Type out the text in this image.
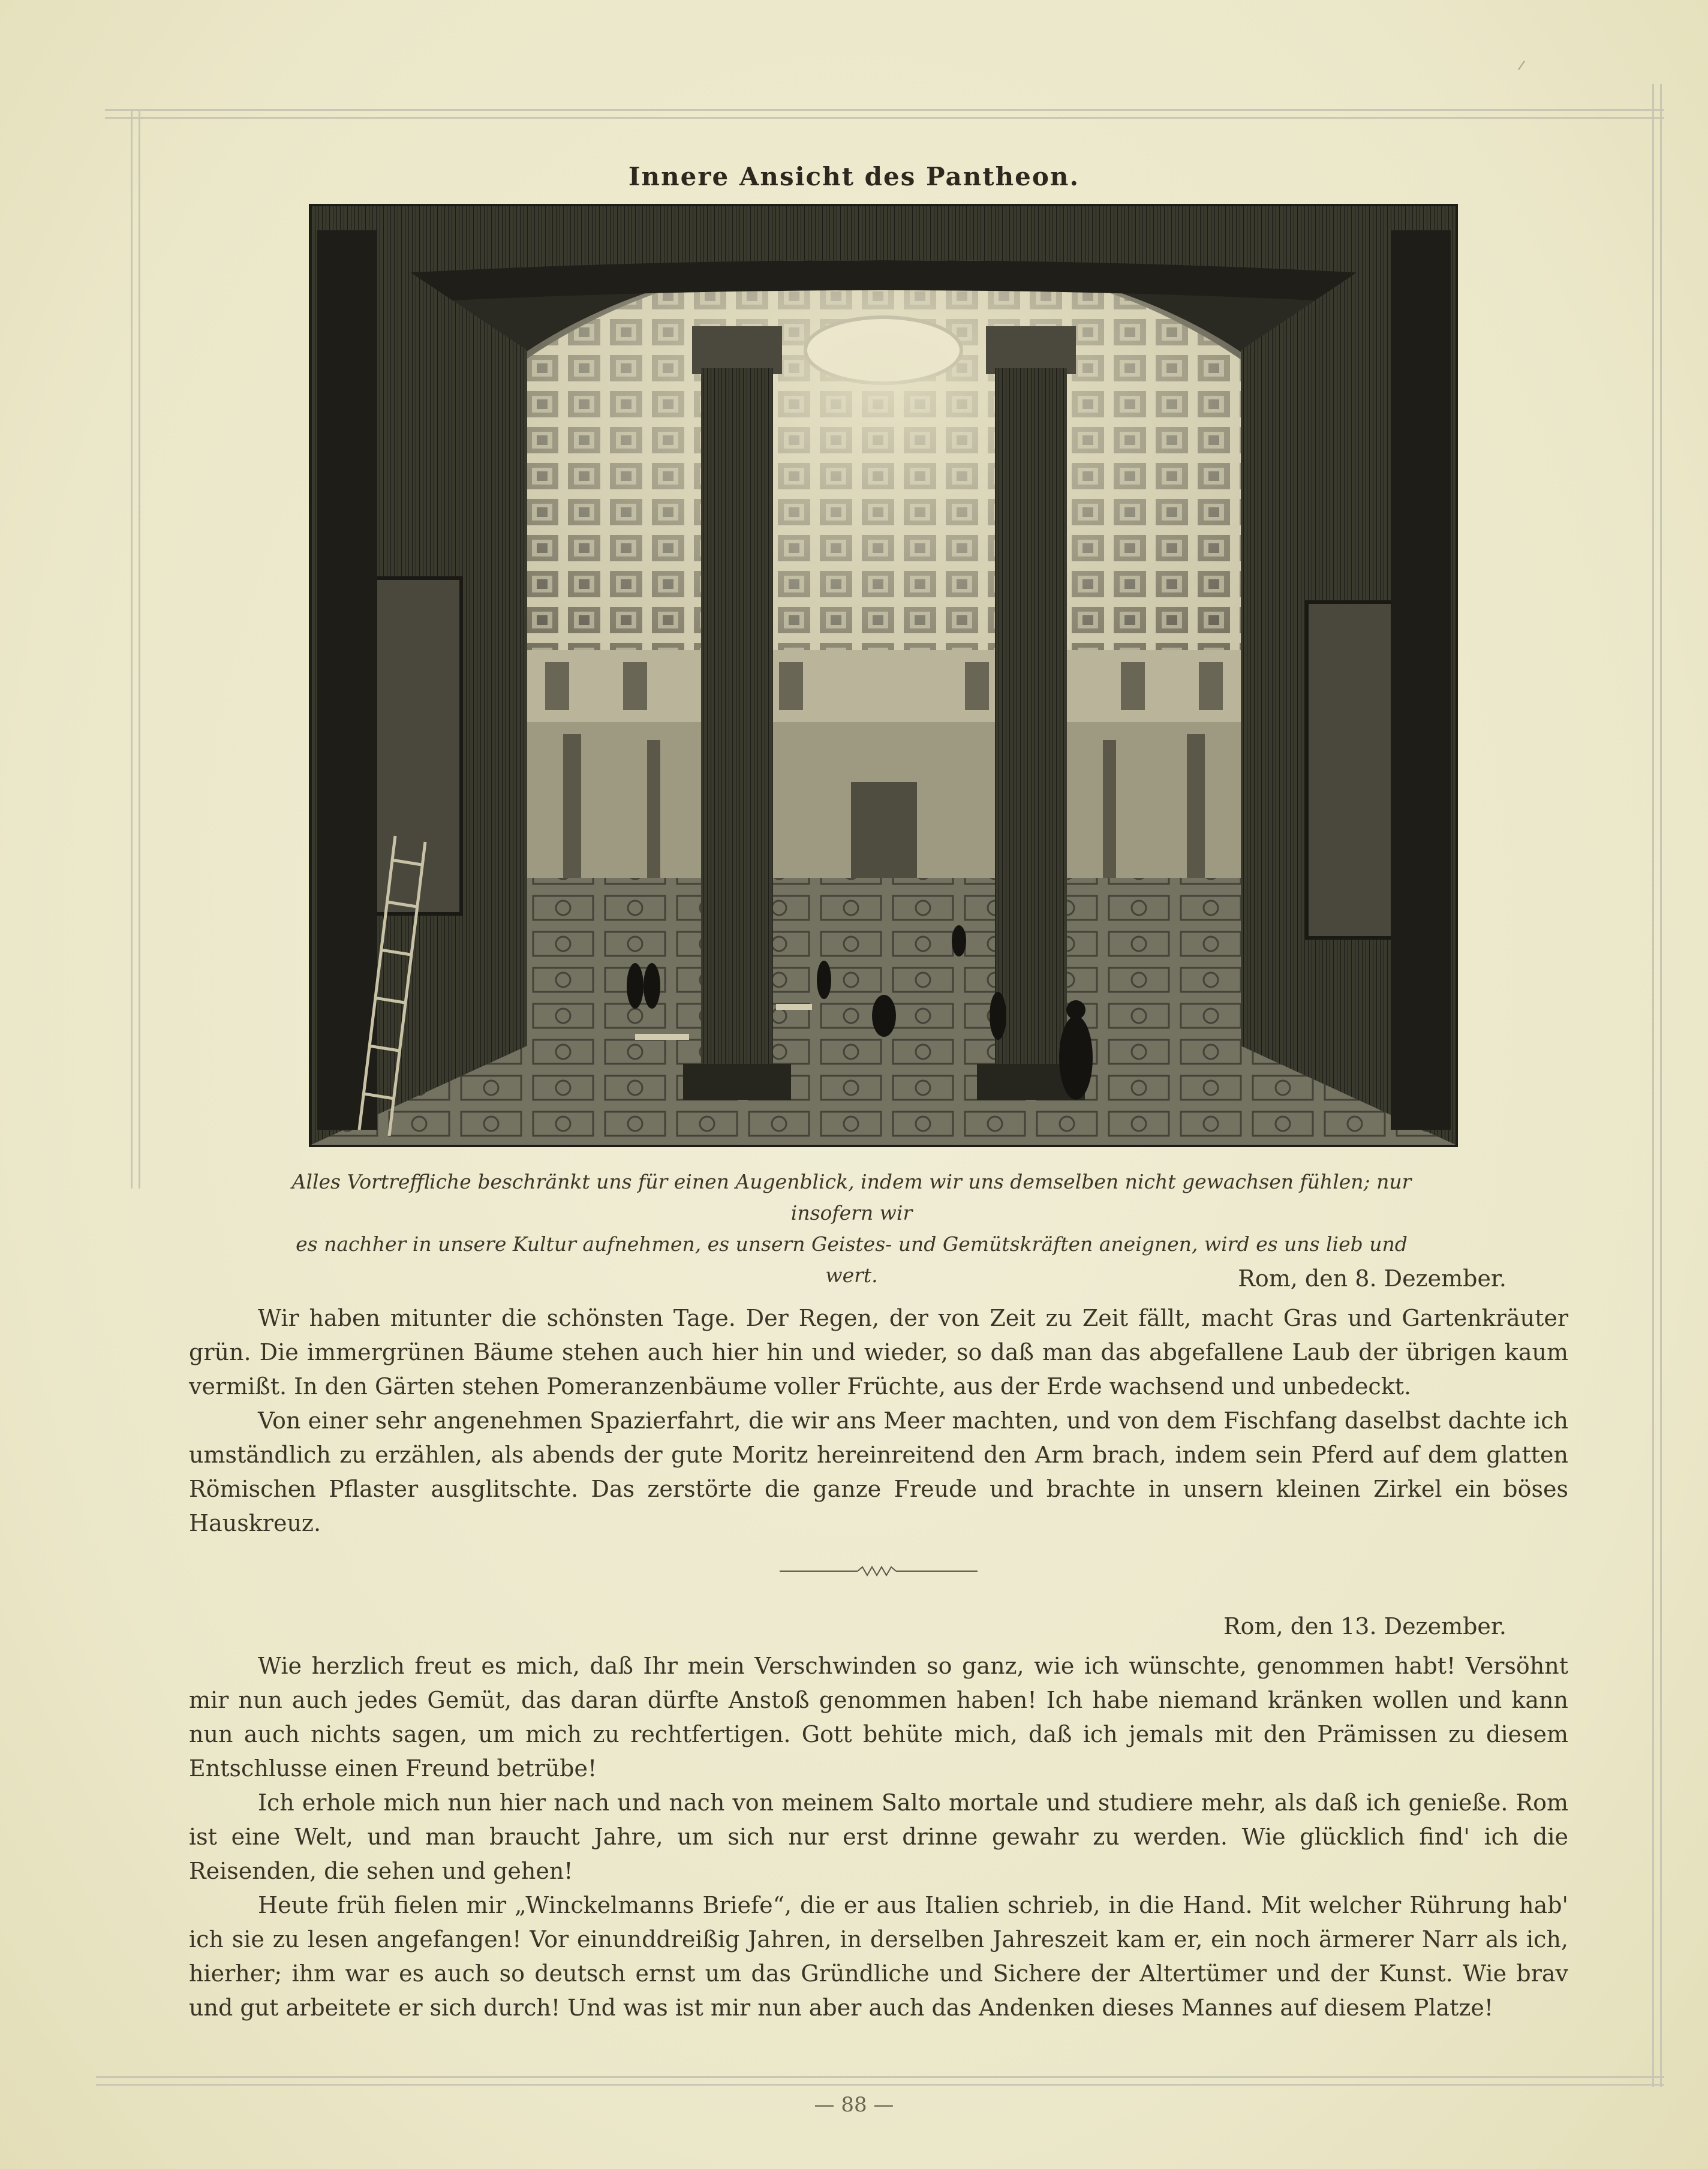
Innere Ansicht des Pantheon.
Alles Vortreffliche beschränkt uns für einen Augenblick, indem wir uns demselben nicht gewachsen fühlen; nur insofern wir
es nachher in unsere Kultur aufnehmen, es unsern Geistes- und Gemütskräften aneignen, wird es uns lieb und wert.	Rom, den 8. Dezember.

Wir haben mitunter die schönsten Tage. Der Regen, der von Zeit zu Zeit fällt, macht Gras und Gartenkräuter grün. Die immergrünen Bäume stehen auch hier hin und wieder, so daß man das abgefallene Laub der übrigen kaum vermißt. In den Gärten stehen Pomeranzenbäume voller Früchte, aus der Erde wachsend und unbedeckt.

Von einer sehr angenehmen Spazierfahrt, die wir ans Meer machten, und von dem Fischfang daselbst dachte ich umständlich zu erzählen, als abends der gute Moritz hereinreitend den Arm brach, indem sein Pferd auf dem glatten Römischen Pflaster ausglitschte. Das zerstörte die ganze Freude und brachte in unsern kleinen Zirkel ein böses Hauskreuz.

Rom, den 13. Dezember.

Wie herzlich freut es mich, daß Ihr mein Verschwinden so ganz, wie ich wünschte, genommen habt! Versöhnt mir nun auch jedes Gemüt, das daran dürfte Anstoß genommen haben! Ich habe niemand kränken wollen und kann nun auch nichts sagen, um mich zu rechtfertigen. Gott behüte mich, daß ich jemals mit den Prämissen zu diesem Entschlusse einen Freund betrübe!

Ich erhole mich nun hier nach und nach von meinem Salto mortale und studiere mehr, als daß ich genieße. Rom ist eine Welt, und man braucht Jahre, um sich nur erst drinne gewahr zu werden. Wie glücklich find' ich die Reisenden, die sehen und gehen!

Heute früh fielen mir „Winckelmanns Briefe“, die er aus Italien schrieb, in die Hand. Mit welcher Rührung hab' ich sie zu lesen angefangen! Vor einunddreißig Jahren, in derselben Jahreszeit kam er, ein noch ärmerer Narr als ich, hierher; ihm war es auch so deutsch ernst um das Gründliche und Sichere der Altertümer und der Kunst. Wie brav und gut arbeitete er sich durch! Und was ist mir nun aber auch das Andenken dieses Mannes auf diesem Platze!

— 88 —
